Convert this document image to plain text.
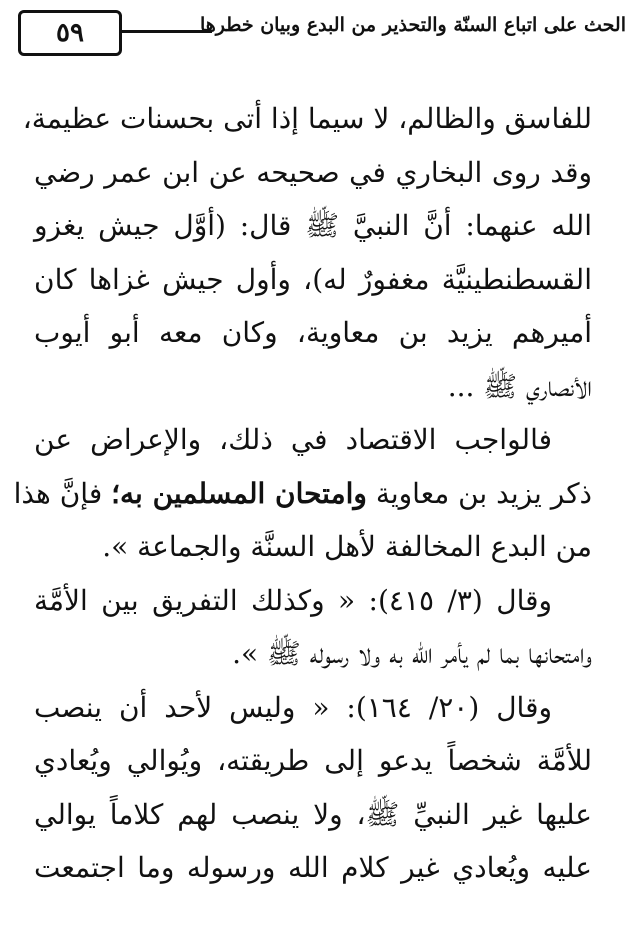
٥٩	الحث على اتباع السنّة والتحذير من البدع وبيان خطرها
للفاسق والظالم، لا سيما إذا أتى بحسنات عظيمة،
وقد روى البخاري في صحيحه عن ابن عمر رضي
الله عنهما: أنَّ النبيَّ ﷺ قال: (أوَّل جيش يغزو
القسطنطينيَّة مغفورٌ له)، وأول جيش غزاها كان
أميرهم يزيد بن معاوية، وكان معه أبو أيوب
الأنصاري ﷺ ...
فالواجب الاقتصاد في ذلك، والإعراض عن
ذكر يزيد بن معاوية وامتحان المسلمين به؛ فإنَّ هذا
من البدع المخالفة لأهل السنَّة والجماعة ».
وقال (٣/ ٤١٥): « وكذلك التفريق بين الأمَّة
وامتحانها بما لم يأمر الله به ولا رسوله ﷺ ».
وقال (٢٠/ ١٦٤): « وليس لأحد أن ينصب
للأمَّة شخصاً يدعو إلى طريقته، ويُوالي ويُعادي
عليها غير النبيِّ ﷺ، ولا ينصب لهم كلاماً يوالي
عليه ويُعادي غير كلام الله ورسوله وما اجتمعت
